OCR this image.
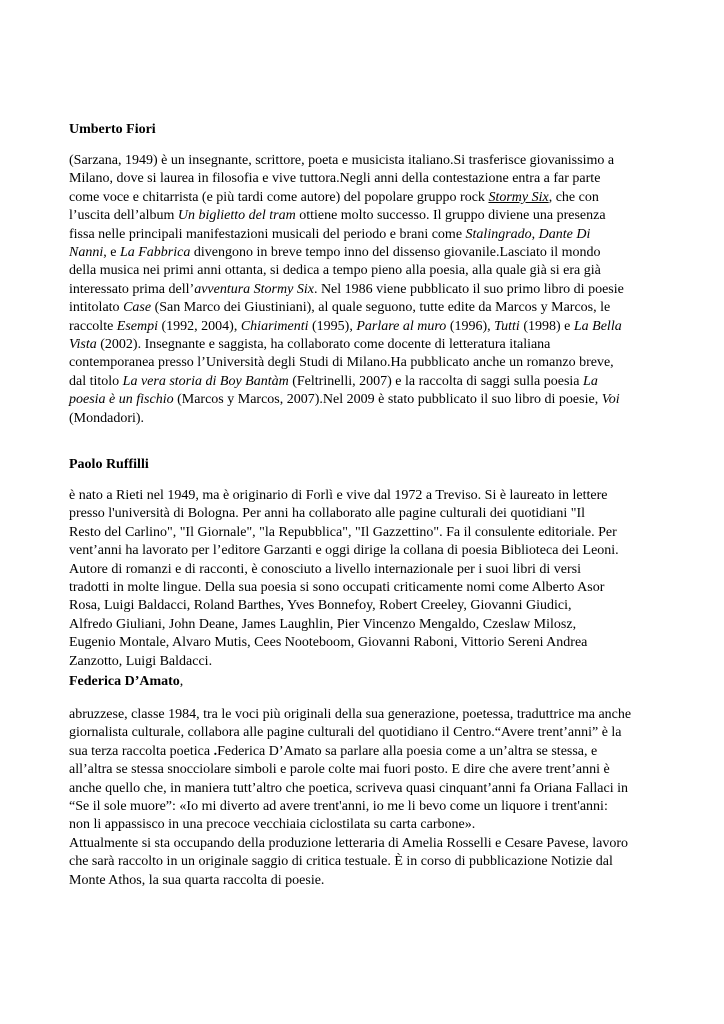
Umberto Fiori
(Sarzana, 1949) è un insegnante, scrittore, poeta e musicista italiano.Si trasferisce giovanissimo a
Milano, dove si laurea in filosofia e vive tuttora.Negli anni della contestazione entra a far parte
come voce e chitarrista (e più tardi come autore) del popolare gruppo rock Stormy Six, che con
l’uscita dell’album Un biglietto del tram ottiene molto successo. Il gruppo diviene una presenza
fissa nelle principali manifestazioni musicali del periodo e brani come Stalingrado, Dante Di
Nanni, e La Fabbrica divengono in breve tempo inno del dissenso giovanile.Lasciato il mondo
della musica nei primi anni ottanta, si dedica a tempo pieno alla poesia, alla quale già si era già
interessato prima dell’avventura Stormy Six. Nel 1986 viene pubblicato il suo primo libro di poesie
intitolato Case (San Marco dei Giustiniani), al quale seguono, tutte edite da Marcos y Marcos, le
raccolte Esempi (1992, 2004), Chiarimenti (1995), Parlare al muro (1996), Tutti (1998) e La Bella
Vista (2002). Insegnante e saggista, ha collaborato come docente di letteratura italiana
contemporanea presso l’Università degli Studi di Milano.Ha pubblicato anche un romanzo breve,
dal titolo La vera storia di Boy Bantàm (Feltrinelli, 2007) e la raccolta di saggi sulla poesia La
poesia è un fischio (Marcos y Marcos, 2007).Nel 2009 è stato pubblicato il suo libro di poesie, Voi
(Mondadori).
Paolo Ruffilli
è nato a Rieti nel 1949, ma è originario di Forlì e vive dal 1972 a Treviso. Si è laureato in lettere
presso l'università di Bologna. Per anni ha collaborato alle pagine culturali dei quotidiani "Il
Resto del Carlino", "Il Giornale", "la Repubblica", "Il Gazzettino". Fa il consulente editoriale. Per
vent’anni ha lavorato per l’editore Garzanti e oggi dirige la collana di poesia Biblioteca dei Leoni.
Autore di romanzi e di racconti, è conosciuto a livello internazionale per i suoi libri di versi
tradotti in molte lingue. Della sua poesia si sono occupati criticamente nomi come Alberto Asor
Rosa, Luigi Baldacci, Roland Barthes, Yves Bonnefoy, Robert Creeley, Giovanni Giudici,
Alfredo Giuliani, John Deane, James Laughlin, Pier Vincenzo Mengaldo, Czeslaw Milosz,
Eugenio Montale, Alvaro Mutis, Cees Nooteboom, Giovanni Raboni, Vittorio Sereni Andrea
Zanzotto, Luigi Baldacci.
Federica D’Amato,
abruzzese, classe 1984, tra le voci più originali della sua generazione, poetessa, traduttrice ma anche
giornalista culturale, collabora alle pagine culturali del quotidiano il Centro.“Avere trent’anni” è la
sua terza raccolta poetica .Federica D’Amato sa parlare alla poesia come a un’altra se stessa, e
all’altra se stessa snocciolare simboli e parole colte mai fuori posto. E dire che avere trent’anni è
anche quello che, in maniera tutt’altro che poetica, scriveva quasi cinquant’anni fa Oriana Fallaci in
“Se il sole muore”: «Io mi diverto ad avere trent'anni, io me li bevo come un liquore i trent'anni:
non li appassisco in una precoce vecchiaia ciclostilata su carta carbone».
Attualmente si sta occupando della produzione letteraria di Amelia Rosselli e Cesare Pavese, lavoro
che sarà raccolto in un originale saggio di critica testuale. È in corso di pubblicazione Notizie dal
Monte Athos, la sua quarta raccolta di poesie.
